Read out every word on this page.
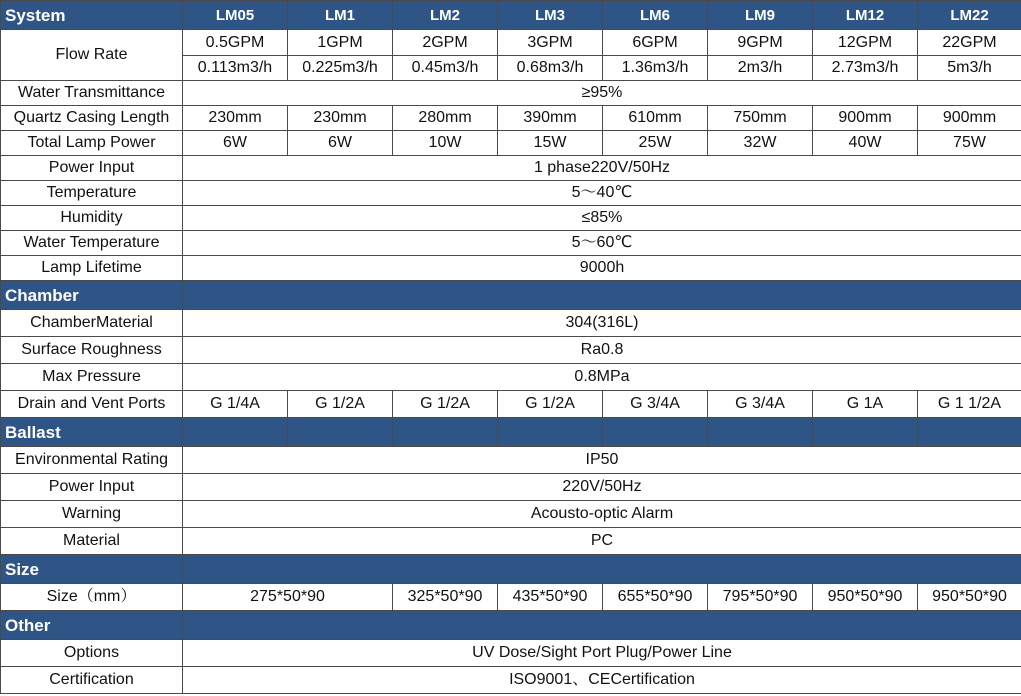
System	LM05	LM1	LM2	LM3	LM6	LM9	LM12	LM22
Flow Rate	0.5GPM	1GPM	2GPM	3GPM	6GPM	9GPM	12GPM	22GPM
	0.113m3/h	0.225m3/h	0.45m3/h	0.68m3/h	1.36m3/h	2m3/h	2.73m3/h	5m3/h
Water Transmittance	≥95%							
Quartz Casing Length	230mm	230mm	280mm	390mm	610mm	750mm	900mm	900mm
Total Lamp Power	6W	6W	10W	15W	25W	32W	40W	75W
Power Input	1 phase220V/50Hz							
Temperature	5～40℃							
Humidity	≤85%							
Water Temperature	5～60℃							
Lamp Lifetime	9000h							
Chamber								
ChamberMaterial	304(316L)							
Surface Roughness	Ra0.8							
Max Pressure	0.8MPa							
Drain and Vent Ports	G 1/4A	G 1/2A	G 1/2A	G 1/2A	G 3/4A	G 3/4A	G 1A	G 1 1/2A
Ballast								
Environmental Rating	IP50							
Power Input	220V/50Hz							
Warning	Acousto-optic Alarm							
Material	PC							
Size								
Size（mm）	275*50*90		325*50*90	435*50*90	655*50*90	795*50*90	950*50*90	950*50*90
Other								
Options	UV Dose/Sight Port Plug/Power Line							
Certification	ISO9001、CECertification							
